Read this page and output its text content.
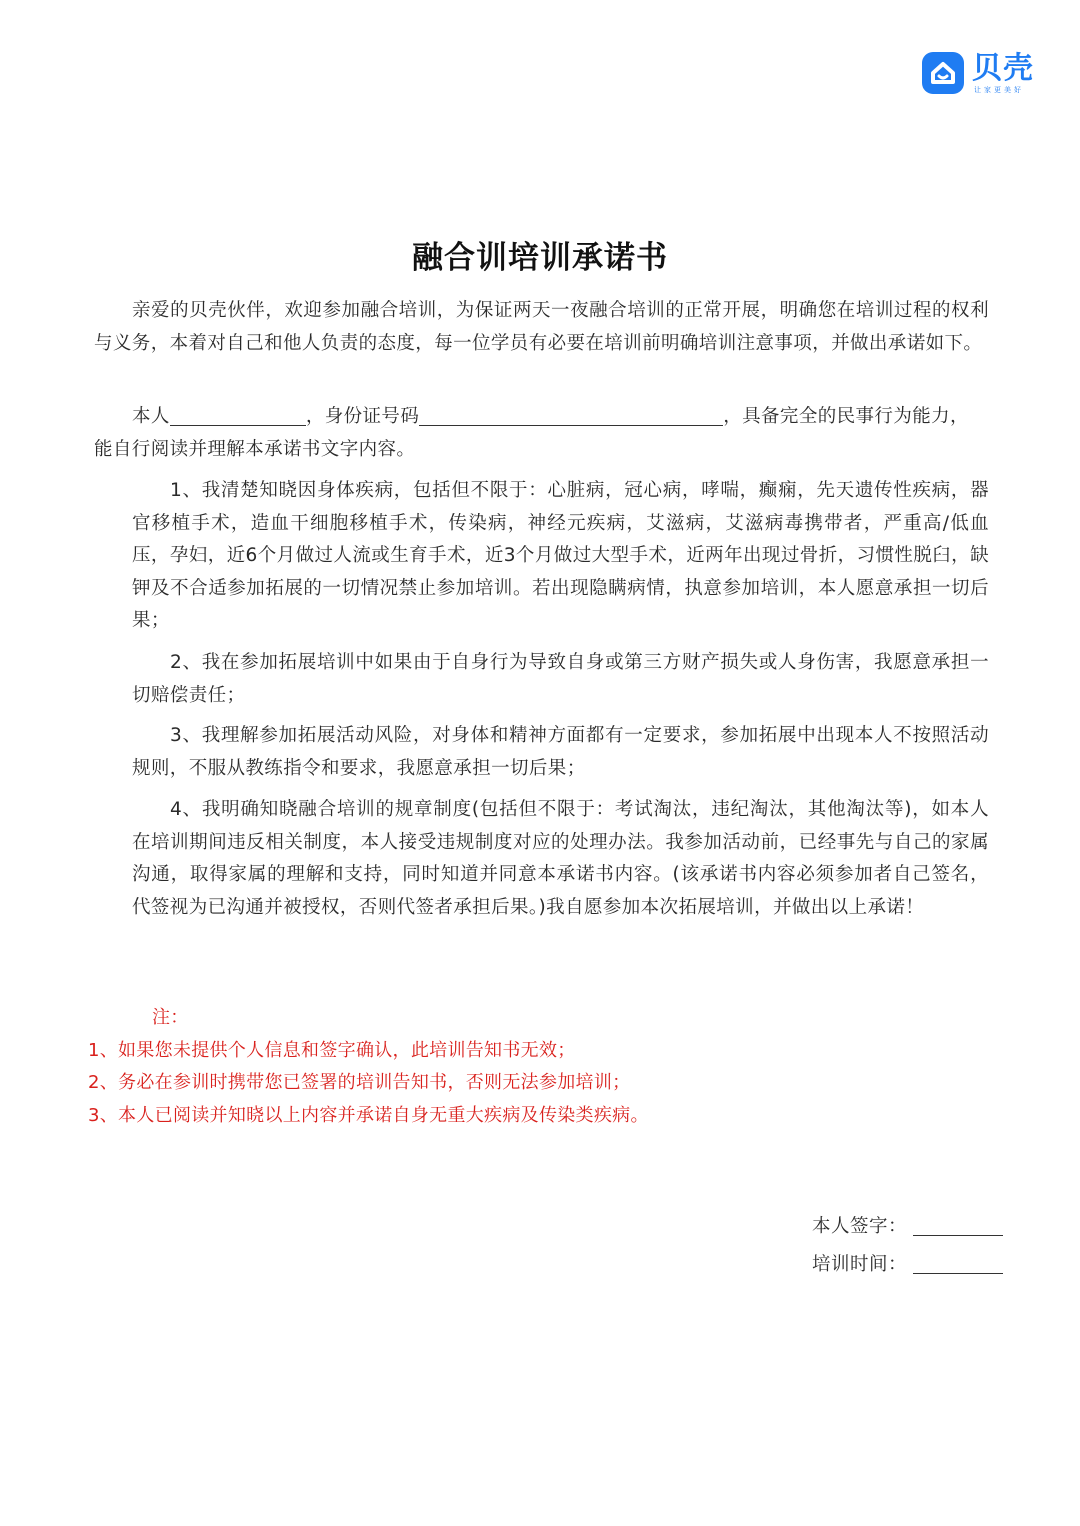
贝壳
让家更美好
融合训培训承诺书
亲爱的贝壳伙伴，欢迎参加融合培训，为保证两天一夜融合培训的正常开展，明确您在培训过程的权利与义务，本着对自己和他人负责的态度，每一位学员有必要在培训前明确培训注意事项，并做出承诺如下。
本人	，身份证号码	，具备完全的民事行为能力，
能自行阅读并理解本承诺书文字内容。
1、我清楚知晓因身体疾病，包括但不限于：心脏病，冠心病，哮喘，癫痫，先天遗传性疾病，器官移植手术，造血干细胞移植手术，传染病，神经元疾病，艾滋病，艾滋病毒携带者，严重高/低血压，孕妇，近6个月做过人流或生育手术，近3个月做过大型手术，近两年出现过骨折，习惯性脱臼，缺钾及不合适参加拓展的一切情况禁止参加培训。若出现隐瞒病情，执意参加培训，本人愿意承担一切后果；
2、我在参加拓展培训中如果由于自身行为导致自身或第三方财产损失或人身伤害，我愿意承担一切赔偿责任；
3、我理解参加拓展活动风险，对身体和精神方面都有一定要求，参加拓展中出现本人不按照活动规则，不服从教练指令和要求，我愿意承担一切后果；
4、我明确知晓融合培训的规章制度(包括但不限于：考试淘汰，违纪淘汰，其他淘汰等)，如本人在培训期间违反相关制度，本人接受违规制度对应的处理办法。我参加活动前，已经事先与自己的家属沟通，取得家属的理解和支持，同时知道并同意本承诺书内容。(该承诺书内容必须参加者自己签名，代签视为已沟通并被授权，否则代签者承担后果。)我自愿参加本次拓展培训，并做出以上承诺！
注：
1、如果您未提供个人信息和签字确认，此培训告知书无效；
2、务必在参训时携带您已签署的培训告知书，否则无法参加培训；
3、本人已阅读并知晓以上内容并承诺自身无重大疾病及传染类疾病。
本人签字：
培训时间：
